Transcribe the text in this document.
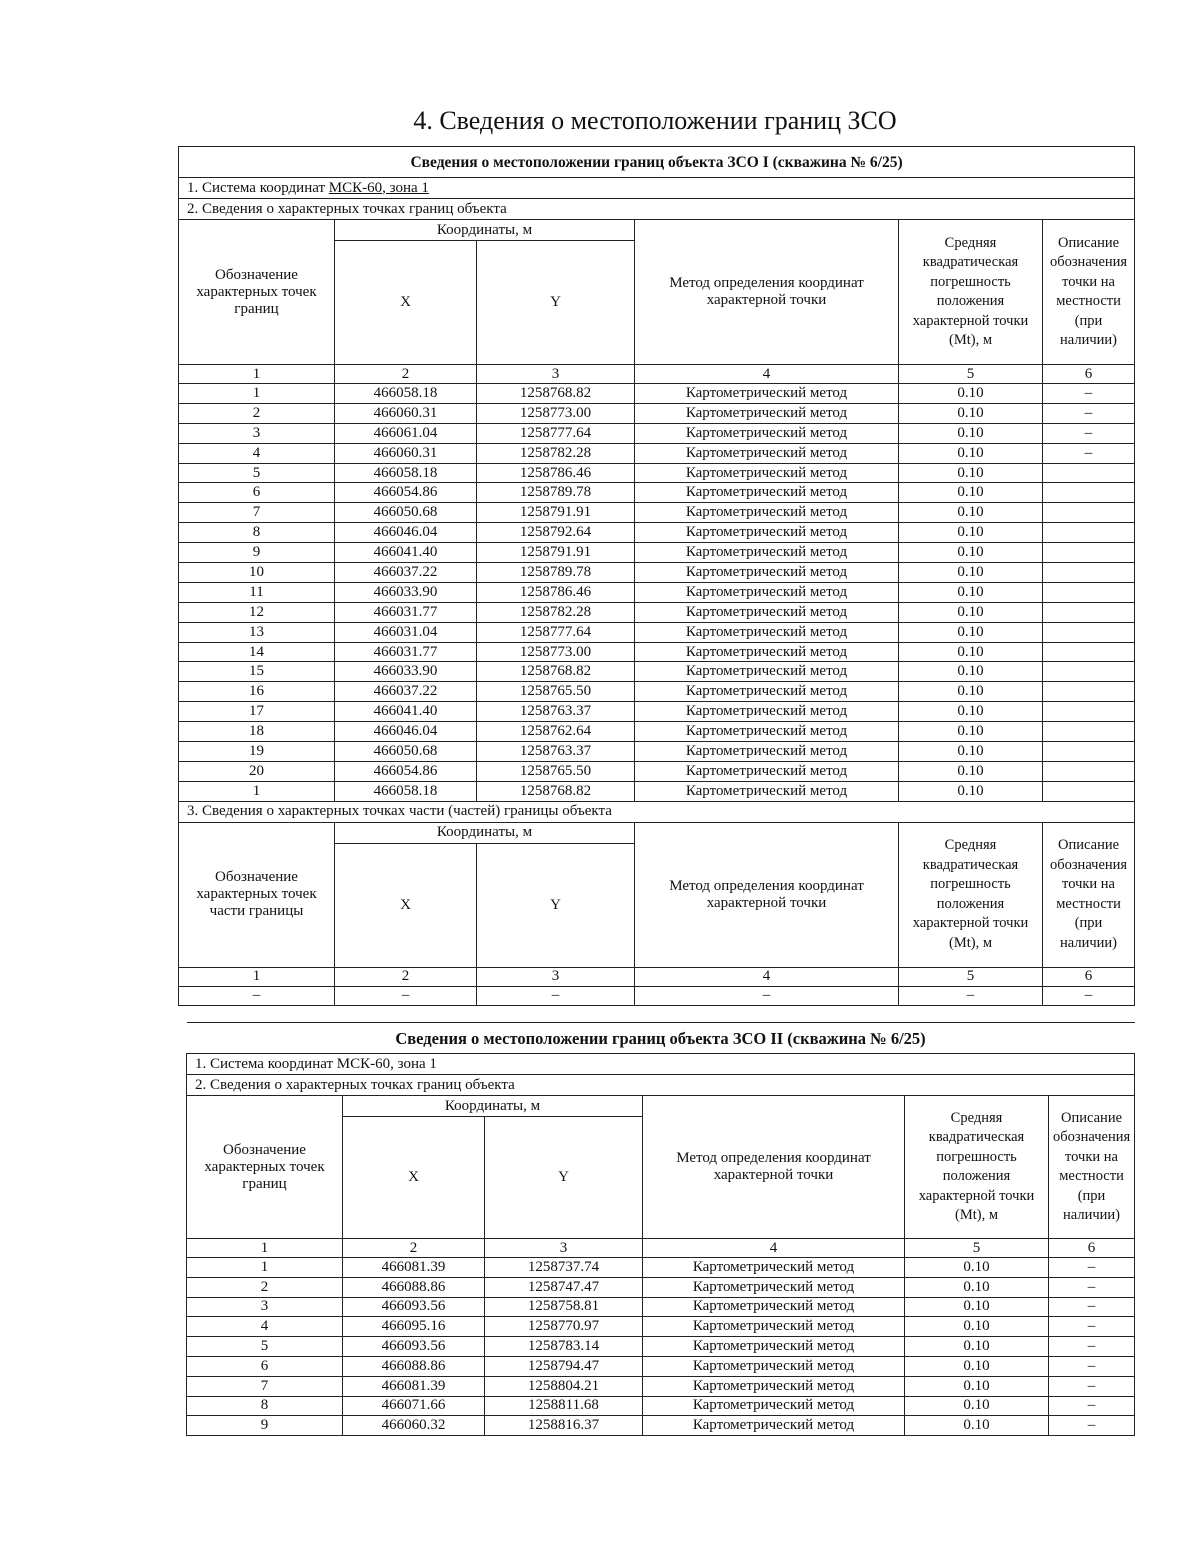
4. Сведения о местоположении границ ЗСО
Сведения о местоположении границ объекта ЗСО I (скважина № 6/25)					
1. Система координат МСК-60, зона 1					
2. Сведения о характерных точках границ объекта					
Обозначение характерных точек границ	Координаты, м		Метод определения координат характерной точки	Средняя квадратическая погрешность положения характерной точки (Mt), м	Описание обозначения точки на местности (при наличии)
	X	Y			
1	2	3	4	5	6
1	466058.18	1258768.82	Картометрический метод	0.10	–
2	466060.31	1258773.00	Картометрический метод	0.10	–
3	466061.04	1258777.64	Картометрический метод	0.10	–
4	466060.31	1258782.28	Картометрический метод	0.10	–
5	466058.18	1258786.46	Картометрический метод	0.10	
6	466054.86	1258789.78	Картометрический метод	0.10	
7	466050.68	1258791.91	Картометрический метод	0.10	
8	466046.04	1258792.64	Картометрический метод	0.10	
9	466041.40	1258791.91	Картометрический метод	0.10	
10	466037.22	1258789.78	Картометрический метод	0.10	
11	466033.90	1258786.46	Картометрический метод	0.10	
12	466031.77	1258782.28	Картометрический метод	0.10	
13	466031.04	1258777.64	Картометрический метод	0.10	
14	466031.77	1258773.00	Картометрический метод	0.10	
15	466033.90	1258768.82	Картометрический метод	0.10	
16	466037.22	1258765.50	Картометрический метод	0.10	
17	466041.40	1258763.37	Картометрический метод	0.10	
18	466046.04	1258762.64	Картометрический метод	0.10	
19	466050.68	1258763.37	Картометрический метод	0.10	
20	466054.86	1258765.50	Картометрический метод	0.10	
1	466058.18	1258768.82	Картометрический метод	0.10	
3. Сведения о характерных точках части (частей) границы объекта					
Обозначение характерных точек части границы	Координаты, м		Метод определения координат характерной точки	Средняя квадратическая погрешность положения характерной точки (Mt), м	Описание обозначения точки на местности (при наличии)
	X	Y			
1	2	3	4	5	6
–	–	–	–	–	–
Сведения о местоположении границ объекта ЗСО II (скважина № 6/25)					
1. Система координат МСК-60, зона 1					
2. Сведения о характерных точках границ объекта					
Обозначение характерных точек границ	Координаты, м		Метод определения координат характерной точки	Средняя квадратическая погрешность положения характерной точки (Mt), м	Описание обозначения точки на местности (при наличии)
	X	Y			
1	2	3	4	5	6
1	466081.39	1258737.74	Картометрический метод	0.10	–
2	466088.86	1258747.47	Картометрический метод	0.10	–
3	466093.56	1258758.81	Картометрический метод	0.10	–
4	466095.16	1258770.97	Картометрический метод	0.10	–
5	466093.56	1258783.14	Картометрический метод	0.10	–
6	466088.86	1258794.47	Картометрический метод	0.10	–
7	466081.39	1258804.21	Картометрический метод	0.10	–
8	466071.66	1258811.68	Картометрический метод	0.10	–
9	466060.32	1258816.37	Картометрический метод	0.10	–
